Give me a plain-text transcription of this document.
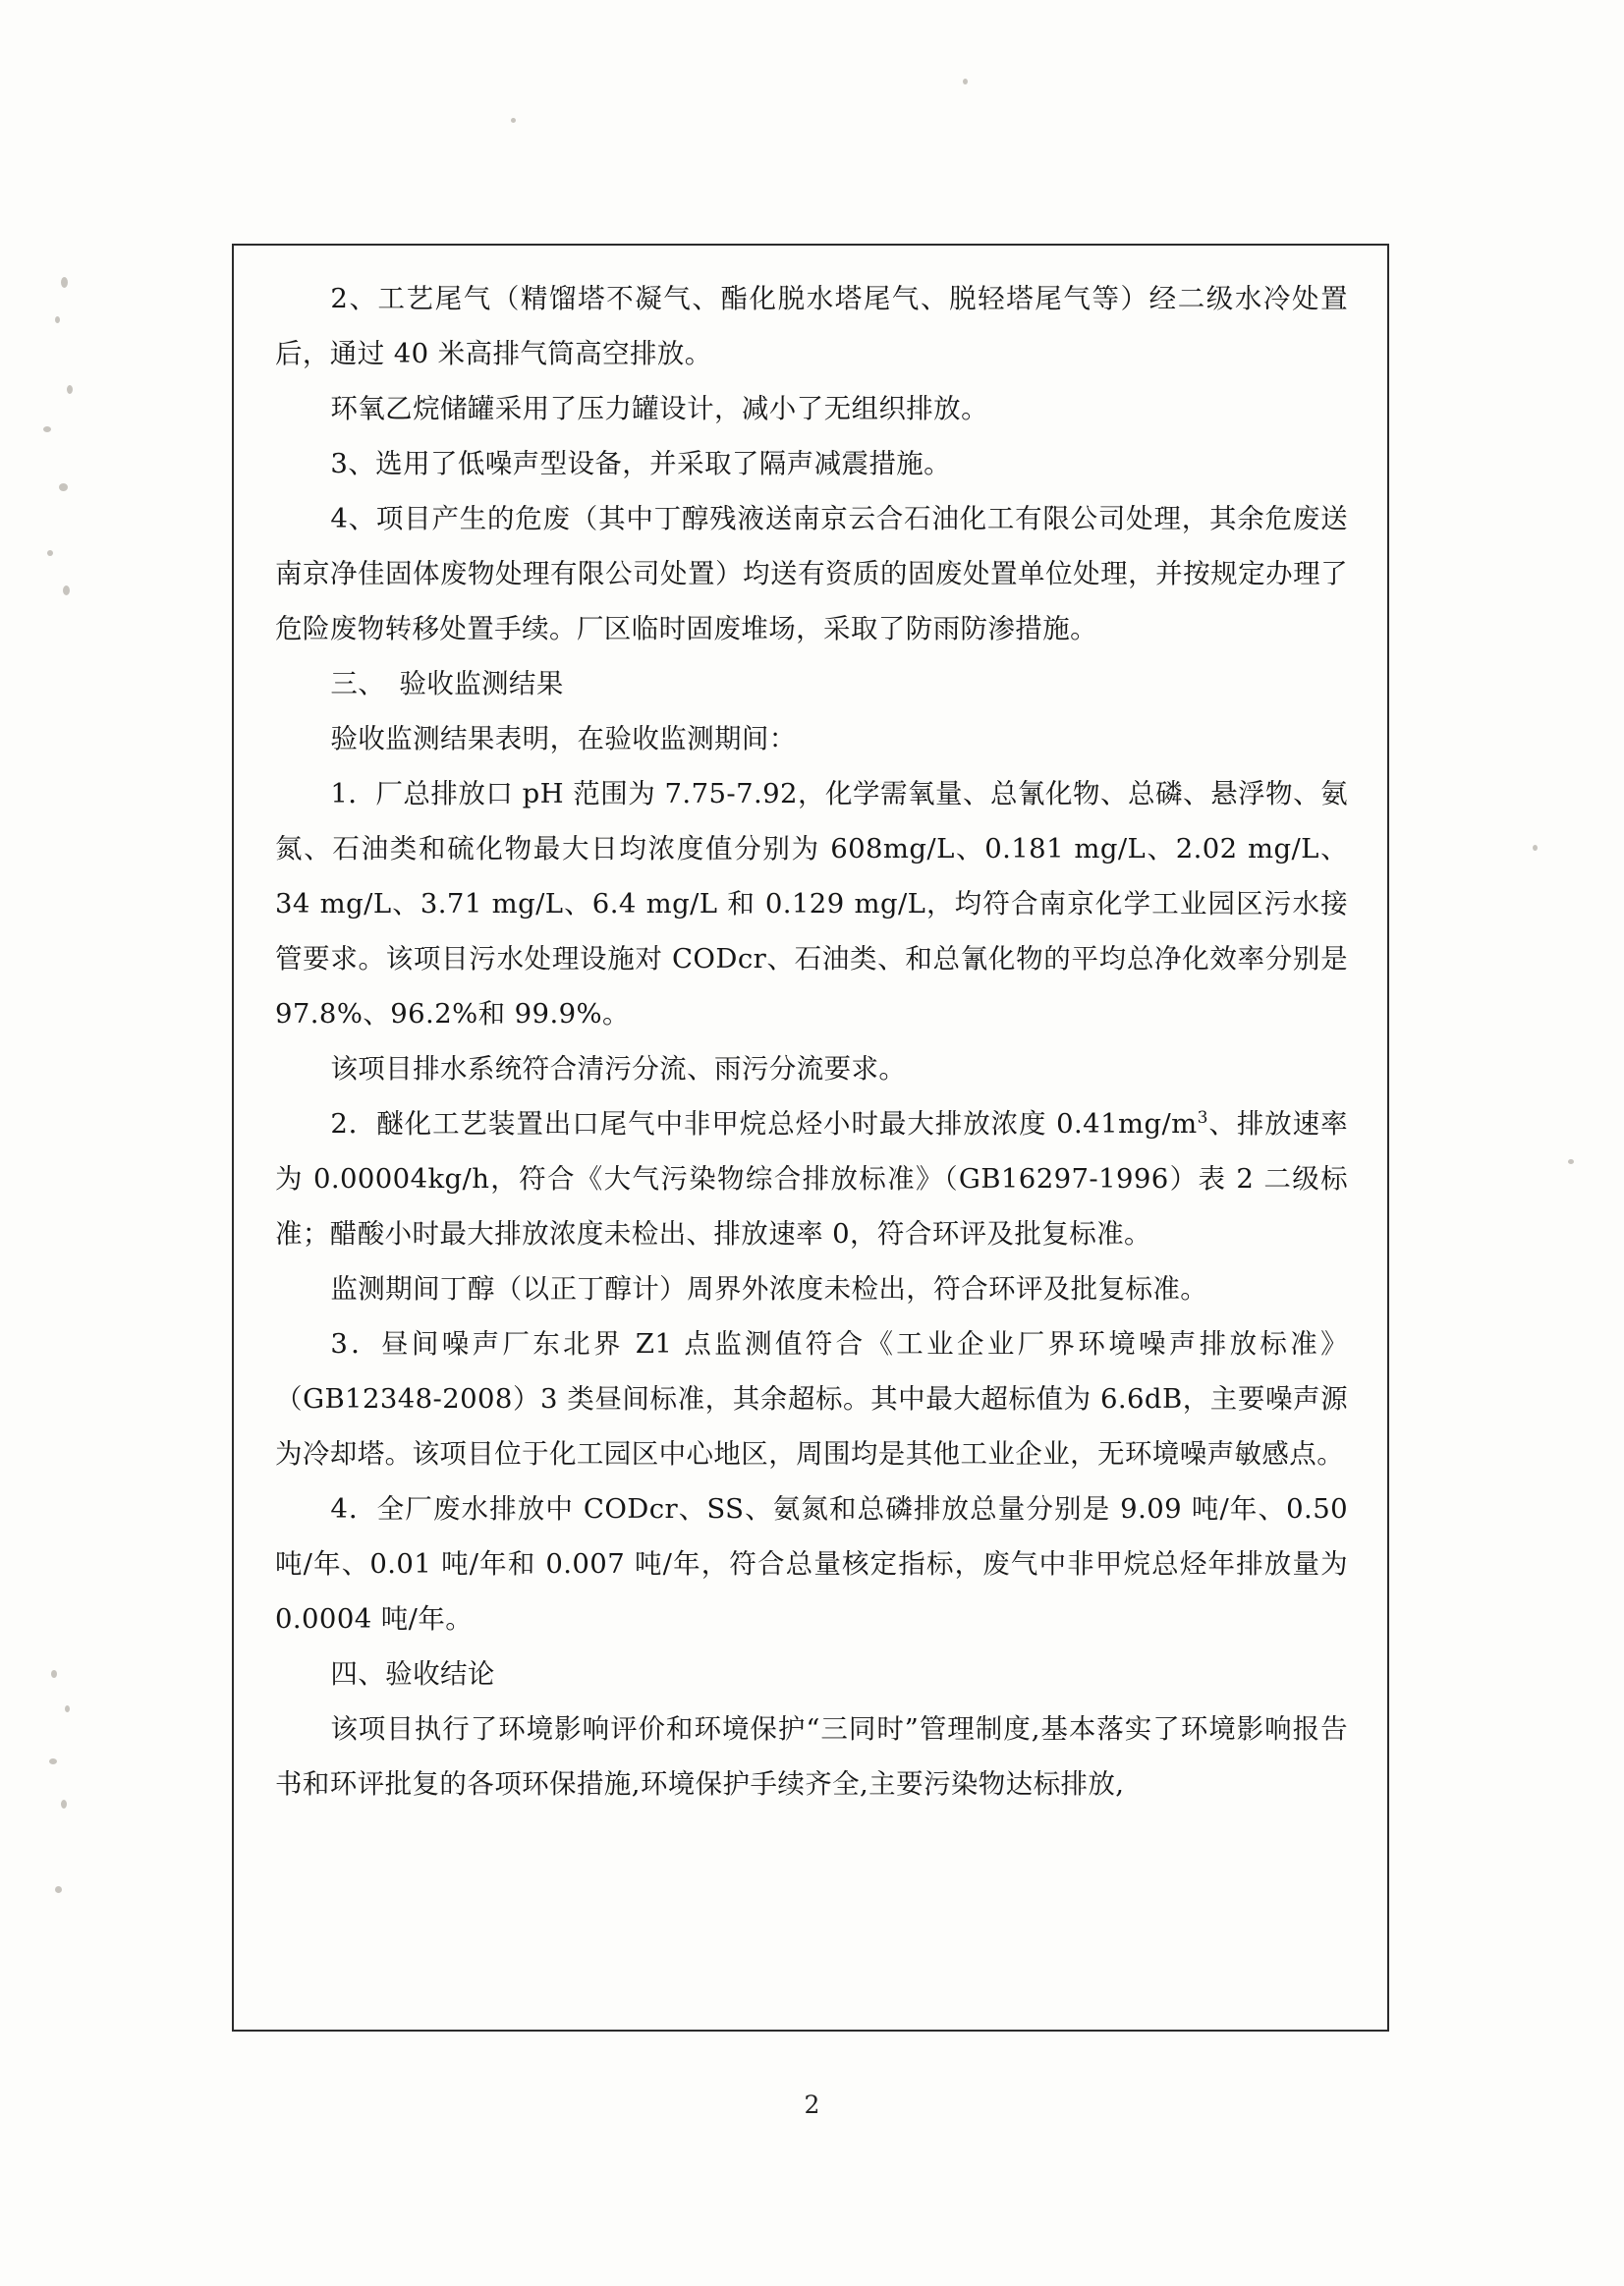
2、工艺尾气（精馏塔不凝气、酯化脱水塔尾气、脱轻塔尾气等）经二级水冷处置后，通过 40 米高排气筒高空排放。

环氧乙烷储罐采用了压力罐设计，减小了无组织排放。

3、选用了低噪声型设备，并采取了隔声减震措施。

4、项目产生的危废（其中丁醇残液送南京云合石油化工有限公司处理，其余危废送南京净佳固体废物处理有限公司处置）均送有资质的固废处置单位处理，并按规定办理了危险废物转移处置手续。厂区临时固废堆场，采取了防雨防渗措施。

三、　验收监测结果

验收监测结果表明，在验收监测期间：

1．厂总排放口 pH 范围为 7.75-7.92，化学需氧量、总氰化物、总磷、悬浮物、氨氮、石油类和硫化物最大日均浓度值分别为 608mg/L、0.181 mg/L、2.02 mg/L、34 mg/L、3.71 mg/L、6.4 mg/L 和 0.129 mg/L，均符合南京化学工业园区污水接管要求。该项目污水处理设施对 CODcr、石油类、和总氰化物的平均总净化效率分别是 97.8%、96.2%和 99.9%。

该项目排水系统符合清污分流、雨污分流要求。

2．醚化工艺装置出口尾气中非甲烷总烃小时最大排放浓度 $0.41mg/m^3$、排放速率为 0.00004kg/h，符合《大气污染物综合排放标准》（GB16297-1996）表 2 二级标准；醋酸小时最大排放浓度未检出、排放速率 0，符合环评及批复标准。

监测期间丁醇（以正丁醇计）周界外浓度未检出，符合环评及批复标准。

3．昼间噪声厂东北界 Z1 点监测值符合《工业企业厂界环境噪声排放标准》（GB12348-2008）3 类昼间标准，其余超标。其中最大超标值为 6.6dB，主要噪声源为冷却塔。该项目位于化工园区中心地区，周围均是其他工业企业，无环境噪声敏感点。

4．全厂废水排放中 CODcr、SS、氨氮和总磷排放总量分别是 9.09 吨/年、0.50 吨/年、0.01 吨/年和 0.007 吨/年，符合总量核定指标，废气中非甲烷总烃年排放量为 0.0004 吨/年。

四、验收结论

该项目执行了环境影响评价和环境保护“三同时”管理制度,基本落实了环境影响报告书和环评批复的各项环保措施,环境保护手续齐全,主要污染物达标排放,

2
